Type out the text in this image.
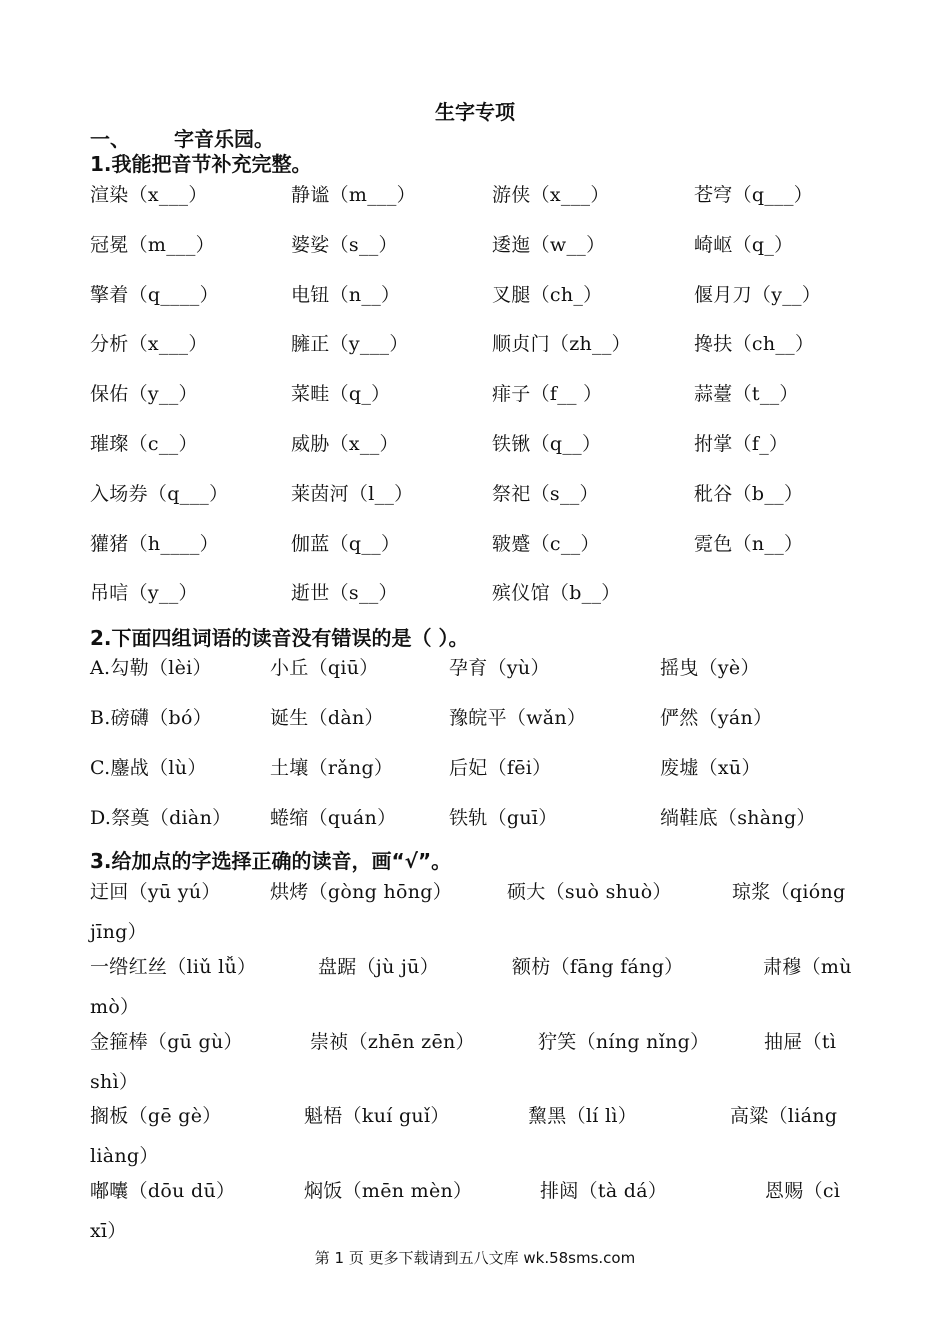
生字专项
一、 字音乐园。
1.我能把音节补充完整。
渲染（x___）	静谧（m___）	游侠（x___）	苍穹（q___）
冠冕（m___）	婆娑（s__）	逶迤（w__）	崎岖（q_）
擎着（q____）	电钮（n__）	叉腿（ch_）	偃月刀（y__）
分析（x___）	臃正（y___）	顺贞门（zh__）	搀扶（ch__）
保佑（y__）	菜畦（q_）	痱子（f__ ）	蒜薹（t__）
璀璨（c__）	威胁（x__）	铁锹（q__）	拊掌（f_）
入场券（q___）	莱茵河（l__）	祭祀（s__）	秕谷（b__）
獾猪（h____）	伽蓝（q__）	皲蹙（c__）	霓色（n__）
吊唁（y__）	逝世（s__）	殡仪馆（b__）
2.下面四组词语的读音没有错误的是（ ）。
A.勾勒（lèi）	小丘（qiū）	孕育（yù）	摇曳（yè）
B.磅礴（bó）	诞生（dàn）	豫皖平（wǎn）	俨然（yán）
C.鏖战（lù）	土壤（rǎng）	后妃（fēi）	废墟（xū）
D.祭奠（diàn） 蜷缩（quán）	铁轨（guī）	绱鞋底（shàng）
3.给加点的字选择正确的读音，画“√”。
迂回（yū yú）	烘烤（gòng hōng）	硕大（suò shuò）	琼浆（qióng
jīng）
一绺红丝（liǔ lǚ）	盘踞（jù jū）	额枋（fāng fáng）	肃穆（mù
mò）
金箍棒（gū gù）	崇祯（zhēn zēn）	狞笑（níng nǐng）	抽屉（tì
shì）
搁板（gē gè）	魁梧（kuí guǐ）	黧黑（lí lì）	高粱（liáng
liàng）
嘟囔（dōu dū）	焖饭（mēn mèn）	排闼（tà dá）	恩赐（cì
xī）
第 1 页 更多下载请到五八文库 wk.58sms.com
